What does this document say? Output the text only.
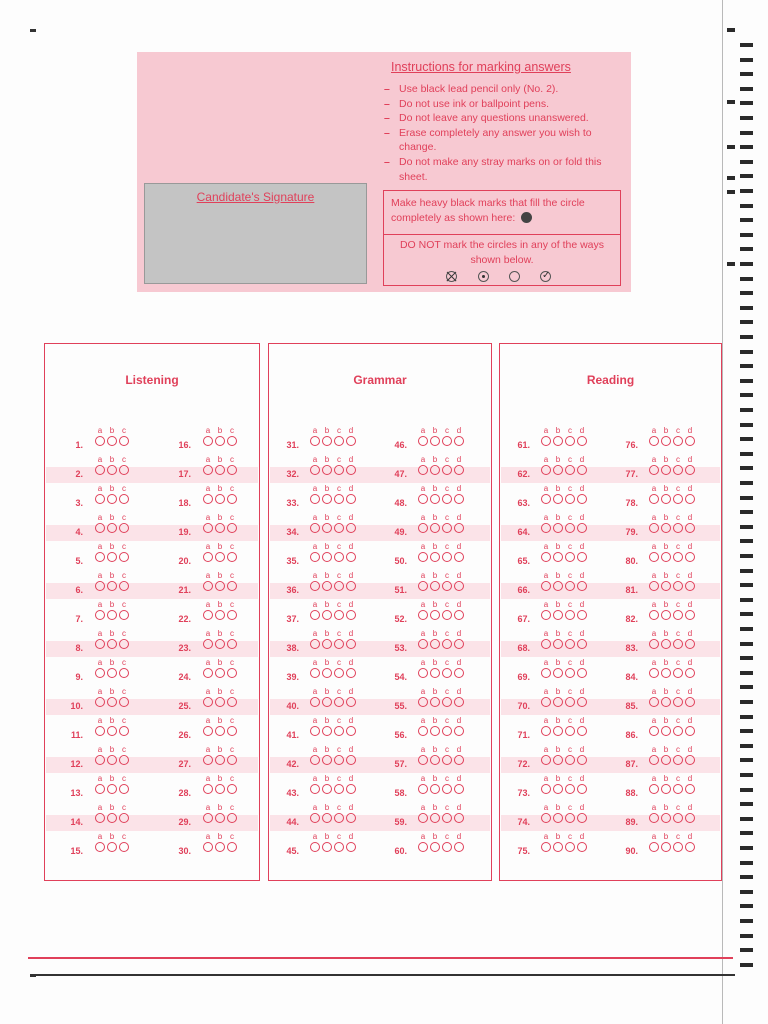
Candidate's Signature
Instructions for marking answers
– Use black lead pencil only (No. 2).
– Do not use ink or ballpoint pens.
– Do not leave any questions unanswered.
– Erase completely any answer you wish to change.
– Do not make any stray marks on or fold this sheet.
Make heavy black marks that fill the circle completely as shown here:
DO NOT mark the circles in any of the ways shown below.
✓
Listening
1.
a b c
2.
a b c
3.
a b c
4.
a b c
5.
a b c
6.
a b c
7.
a b c
8.
a b c
9.
a b c
10.
a b c
11.
a b c
12.
a b c
13.
a b c
14.
a b c
15.
a b c
16.
a b c
17.
a b c
18.
a b c
19.
a b c
20.
a b c
21.
a b c
22.
a b c
23.
a b c
24.
a b c
25.
a b c
26.
a b c
27.
a b c
28.
a b c
29.
a b c
30.
a b c
Grammar
31.
a b c d
32.
a b c d
33.
a b c d
34.
a b c d
35.
a b c d
36.
a b c d
37.
a b c d
38.
a b c d
39.
a b c d
40.
a b c d
41.
a b c d
42.
a b c d
43.
a b c d
44.
a b c d
45.
a b c d
46.
a b c d
47.
a b c d
48.
a b c d
49.
a b c d
50.
a b c d
51.
a b c d
52.
a b c d
53.
a b c d
54.
a b c d
55.
a b c d
56.
a b c d
57.
a b c d
58.
a b c d
59.
a b c d
60.
a b c d
Reading
61.
a b c d
62.
a b c d
63.
a b c d
64.
a b c d
65.
a b c d
66.
a b c d
67.
a b c d
68.
a b c d
69.
a b c d
70.
a b c d
71.
a b c d
72.
a b c d
73.
a b c d
74.
a b c d
75.
a b c d
76.
a b c d
77.
a b c d
78.
a b c d
79.
a b c d
80.
a b c d
81.
a b c d
82.
a b c d
83.
a b c d
84.
a b c d
85.
a b c d
86.
a b c d
87.
a b c d
88.
a b c d
89.
a b c d
90.
a b c d
